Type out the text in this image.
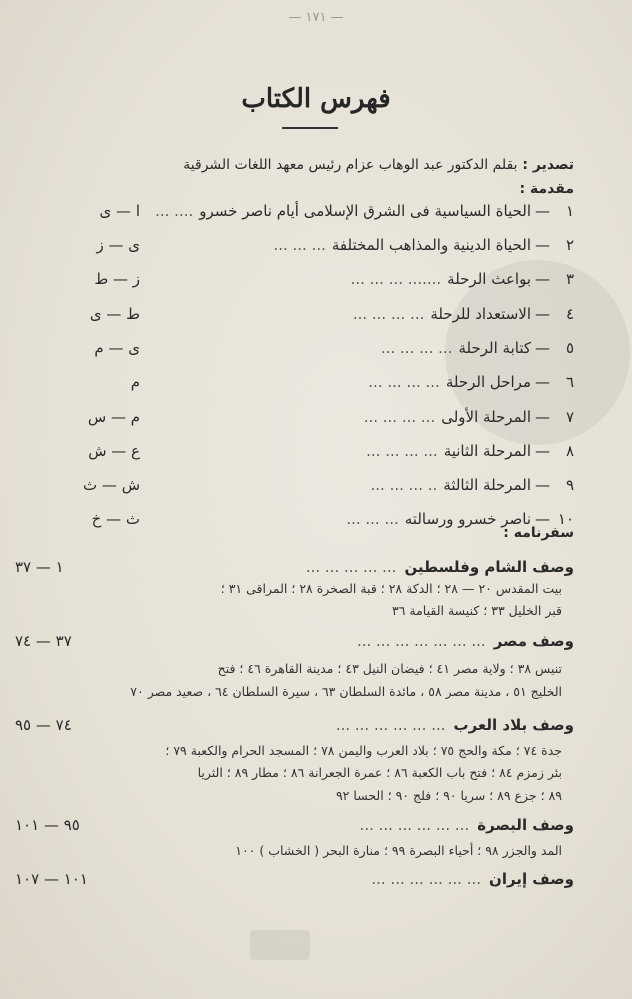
— ١٧١ —
فهرس الكتاب
تصدير : بقلم الدكتور عبد الوهاب عزام رئيس معهد اللغات الشرقية
مقدمة :
١—الحياة السياسية فى الشرق الإسلامى أيام ناصر خسرو.... ...
ا — ى
٢—الحياة الدينية والمذاهب المختلفة... ... ...
ى — ز
٣—بواعث الرحلة....... ... ... ...
ز — ط
٤—الاستعداد للرحلة... ... ... ...
ط — ى
٥—كتابة الرحلة... ... ... ...
ى — م
٦—مراحل الرحلة... ... ... ...
م
٧—المرحلة الأولى... ... ... ...
م — س
٨—المرحلة الثانية... ... ... ...
ع — ش
٩—المرحلة الثالثة.. ... ... ...
ش — ث
١٠—ناصر خسرو ورسالته... ... ...
ث — خ
سفرنامه :
وصف الشام وفلسطين... ... ... ... ...
١ — ٣٧
بيت المقدس ٢٠ — ٢٨ ؛ الدكة ٢٨ ؛ قبة الصخرة ٢٨ ؛ المراقى ٣١ ؛
قبر الخليل ٣٣ ؛ كنيسة القيامة ٣٦
وصف مصر... ... ... ... ... ... ...
٣٧ — ٧٤
تنيس ٣٨ ؛ ولاية مصر ٤١ ؛ فيضان النيل ٤٣ ؛ مدينة القاهرة ٤٦ ؛ فتح
الخليج ٥١ ، مدينة مصر ٥٨ ، مائدة السلطان ٦٣ ، سيرة السلطان ٦٤ ، صعيد مصر ٧٠
وصف بلاد العرب... ... ... ... ... ...
٧٤ — ٩٥
جدة ٧٤ ؛ مكة والحج ٧٥ ؛ بلاد العرب واليمن ٧٨ ؛ المسجد الحرام والكعبة ٧٩ ؛
بئر زمزم ٨٤ ؛ فتح باب الكعبة ٨٦ ؛ عمرة الجعرانة ٨٦ ؛ مطار ٨٩ ؛ الثريا
٨٩ ؛ جزع ٨٩ ؛ سريا ٩٠ ؛ فلج ٩٠ ؛ الحسا ٩٢
وصف البصرة... ... ... ... ... ...
٩٥ — ١٠١
المد والجزر ٩٨ ؛ أحياء البصرة ٩٩ ؛ منارة البحر ( الخشاب ) ١٠٠
وصف إيران... ... ... ... ... ...
١٠١ — ١٠٧
